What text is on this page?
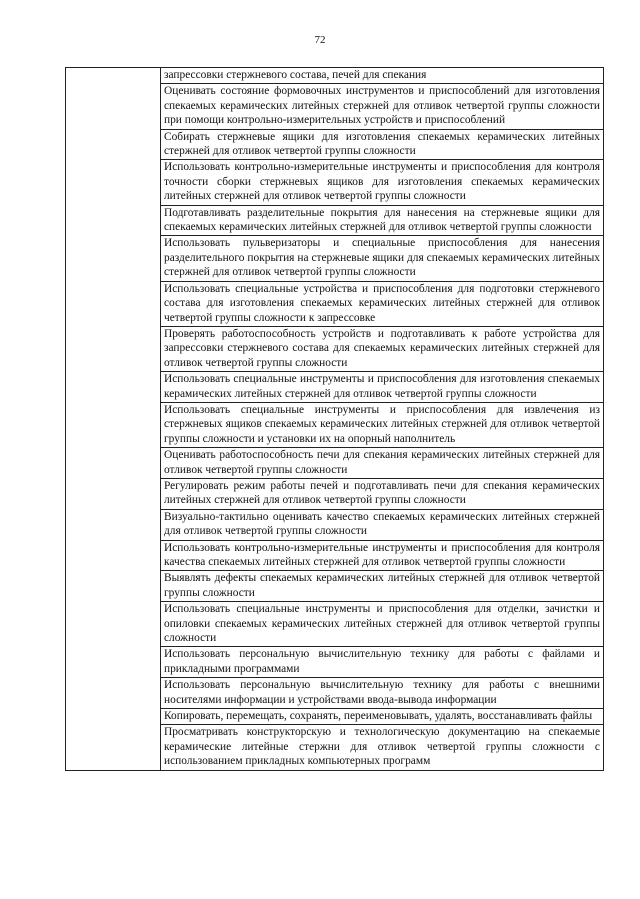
72
	запрессовки стержневого состава, печей для спекания
Оценивать состояние формовочных инструментов и приспособлений для изготовления спекаемых керамических литейных стержней для отливок четвертой группы сложности при помощи контрольно-измерительных устройств и приспособлений
Собирать стержневые ящики для изготовления спекаемых керамических литейных стержней для отливок четвертой группы сложности
Использовать контрольно-измерительные инструменты и приспособления для контроля точности сборки стержневых ящиков для изготовления спекаемых керамических литейных стержней для отливок четвертой группы сложности
Подготавливать разделительные покрытия для нанесения на стержневые ящики для спекаемых керамических литейных стержней для отливок четвертой группы сложности
Использовать пульверизаторы и специальные приспособления для нанесения разделительного покрытия на стержневые ящики для спекаемых керамических литейных стержней для отливок четвертой группы сложности
Использовать специальные устройства и приспособления для подготовки стержневого состава для изготовления спекаемых керамических литейных стержней для отливок четвертой группы сложности к запрессовке
Проверять работоспособность устройств и подготавливать к работе устройства для запрессовки стержневого состава для спекаемых керамических литейных стержней для отливок четвертой группы сложности
Использовать специальные инструменты и приспособления для изготовления спекаемых керамических литейных стержней для отливок четвертой группы сложности
Использовать специальные инструменты и приспособления для извлечения из стержневых ящиков спекаемых керамических литейных стержней для отливок четвертой группы сложности и установки их на опорный наполнитель
Оценивать работоспособность печи для спекания керамических литейных стержней для отливок четвертой группы сложности
Регулировать режим работы печей и подготавливать печи для спекания керамических литейных стержней для отливок четвертой группы сложности
Визуально-тактильно оценивать качество спекаемых керамических литейных стержней для отливок четвертой группы сложности
Использовать контрольно-измерительные инструменты и приспособления для контроля качества спекаемых литейных стержней для отливок четвертой группы сложности
Выявлять дефекты спекаемых керамических литейных стержней для отливок четвертой группы сложности
Использовать специальные инструменты и приспособления для отделки, зачистки и опиловки спекаемых керамических литейных стержней для отливок четвертой группы сложности
Использовать персональную вычислительную технику для работы с файлами и прикладными программами
Использовать персональную вычислительную технику для работы с внешними носителями информации и устройствами ввода-вывода информации
Копировать, перемещать, сохранять, переименовывать, удалять, восстанавливать файлы
Просматривать конструкторскую и технологическую документацию на спекаемые керамические литейные стержни для отливок четвертой группы сложности с использованием прикладных компьютерных программ
